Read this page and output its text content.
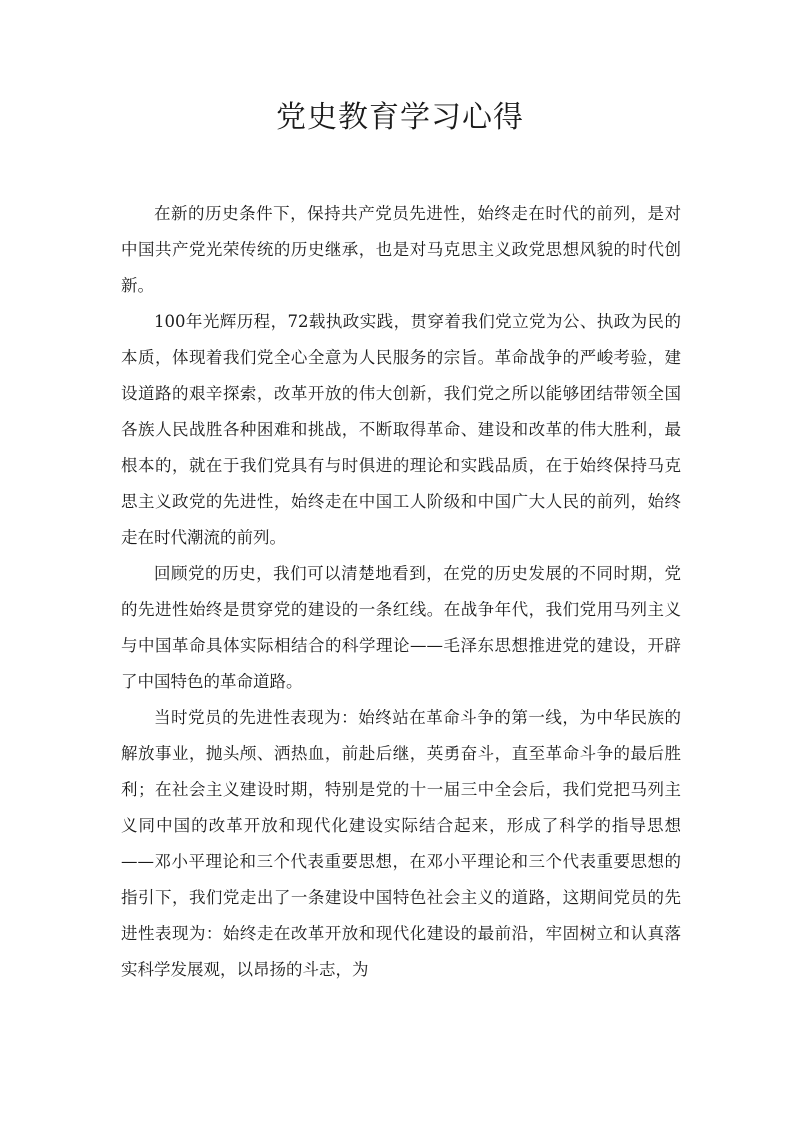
党史教育学习心得

在新的历史条件下，保持共产党员先进性，始终走在时代的前列，是对中国共产党光荣传统的历史继承，也是对马克思主义政党思想风貌的时代创新。

100年光辉历程，72载执政实践，贯穿着我们党立党为公、执政为民的本质，体现着我们党全心全意为人民服务的宗旨。革命战争的严峻考验，建设道路的艰辛探索，改革开放的伟大创新，我们党之所以能够团结带领全国各族人民战胜各种困难和挑战，不断取得革命、建设和改革的伟大胜利，最根本的，就在于我们党具有与时俱进的理论和实践品质，在于始终保持马克思主义政党的先进性，始终走在中国工人阶级和中国广大人民的前列，始终走在时代潮流的前列。

回顾党的历史，我们可以清楚地看到，在党的历史发展的不同时期，党的先进性始终是贯穿党的建设的一条红线。在战争年代，我们党用马列主义与中国革命具体实际相结合的科学理论——毛泽东思想推进党的建设，开辟了中国特色的革命道路。

当时党员的先进性表现为：始终站在革命斗争的第一线，为中华民族的解放事业，抛头颅、洒热血，前赴后继，英勇奋斗，直至革命斗争的最后胜利；在社会主义建设时期，特别是党的十一届三中全会后，我们党把马列主义同中国的改革开放和现代化建设实际结合起来，形成了科学的指导思想——邓小平理论和三个代表重要思想，在邓小平理论和三个代表重要思想的指引下，我们党走出了一条建设中国特色社会主义的道路，这期间党员的先进性表现为：始终走在改革开放和现代化建设的最前沿，牢固树立和认真落实科学发展观，以昂扬的斗志，为
